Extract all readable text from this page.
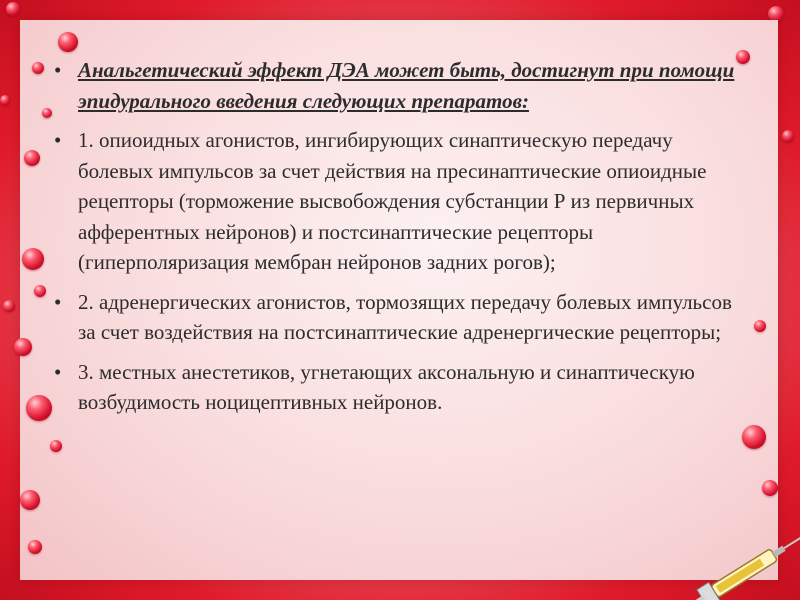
• Анальгетический эффект ДЭА может быть, достигнут при помощи эпидурального введения следующих препаратов:
• 1. опиоидных агонистов, ингибирующих синаптическую передачу болевых импульсов за счет действия на пресинаптические опиоидные рецепторы (торможение высвобождения субстанции Р из первичных афферентных нейронов) и постсинаптические рецепторы (гиперполяризация мембран нейронов задних рогов);
• 2. адренергических агонистов, тормозящих передачу болевых импульсов за счет воздействия на постсинаптические адренергические рецепторы;
• 3. местных анестетиков, угнетающих аксональную и синаптическую возбудимость ноцицептивных нейронов.
